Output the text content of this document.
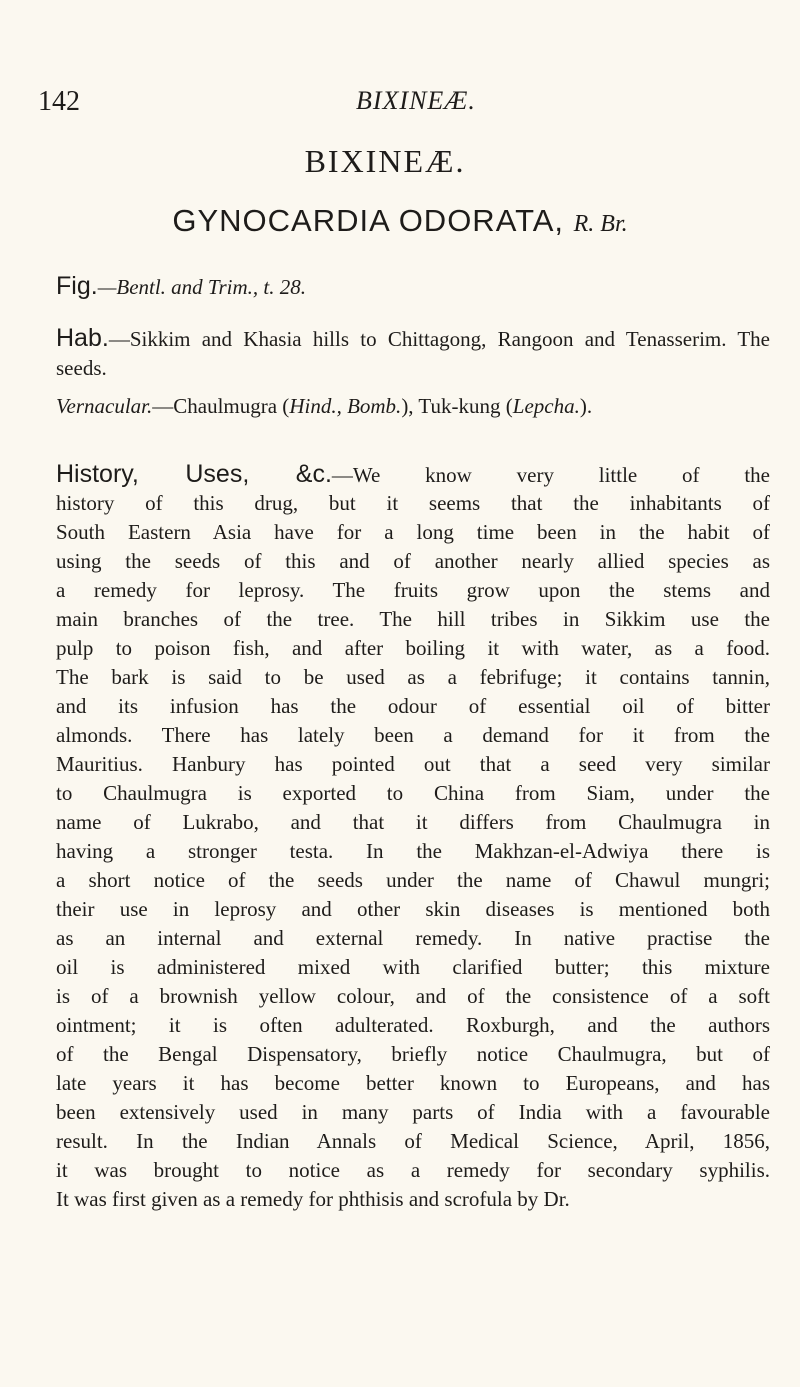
142	BIXINEÆ.
BIXINEÆ.
GYNOCARDIA ODORATA, R. Br.
Fig.—Bentl. and Trim., t. 28.
Hab.—Sikkim and Khasia hills to Chittagong, Rangoon and Tenasserim. The seeds.
Vernacular.—Chaulmugra (Hind., Bomb.), Tuk-kung (Lepcha.).
History, Uses, &c.—We know very little of the
history of this drug, but it seems that the inhabitants of
South Eastern Asia have for a long time been in the habit of
using the seeds of this and of another nearly allied species as
a remedy for leprosy. The fruits grow upon the stems and
main branches of the tree. The hill tribes in Sikkim use the
pulp to poison fish, and after boiling it with water, as a food.
The bark is said to be used as a febrifuge; it contains tannin,
and its infusion has the odour of essential oil of bitter
almonds. There has lately been a demand for it from the
Mauritius. Hanbury has pointed out that a seed very similar
to Chaulmugra is exported to China from Siam, under the
name of Lukrabo, and that it differs from Chaulmugra in
having a stronger testa. In the Makhzan-el-Adwiya there is
a short notice of the seeds under the name of Chawul mungri;
their use in leprosy and other skin diseases is mentioned both
as an internal and external remedy. In native practise the
oil is administered mixed with clarified butter; this mixture
is of a brownish yellow colour, and of the consistence of a soft
ointment; it is often adulterated. Roxburgh, and the authors
of the Bengal Dispensatory, briefly notice Chaulmugra, but of
late years it has become better known to Europeans, and has
been extensively used in many parts of India with a favourable
result. In the Indian Annals of Medical Science, April, 1856,
it was brought to notice as a remedy for secondary syphilis.
It was first given as a remedy for phthisis and scrofula by Dr.
